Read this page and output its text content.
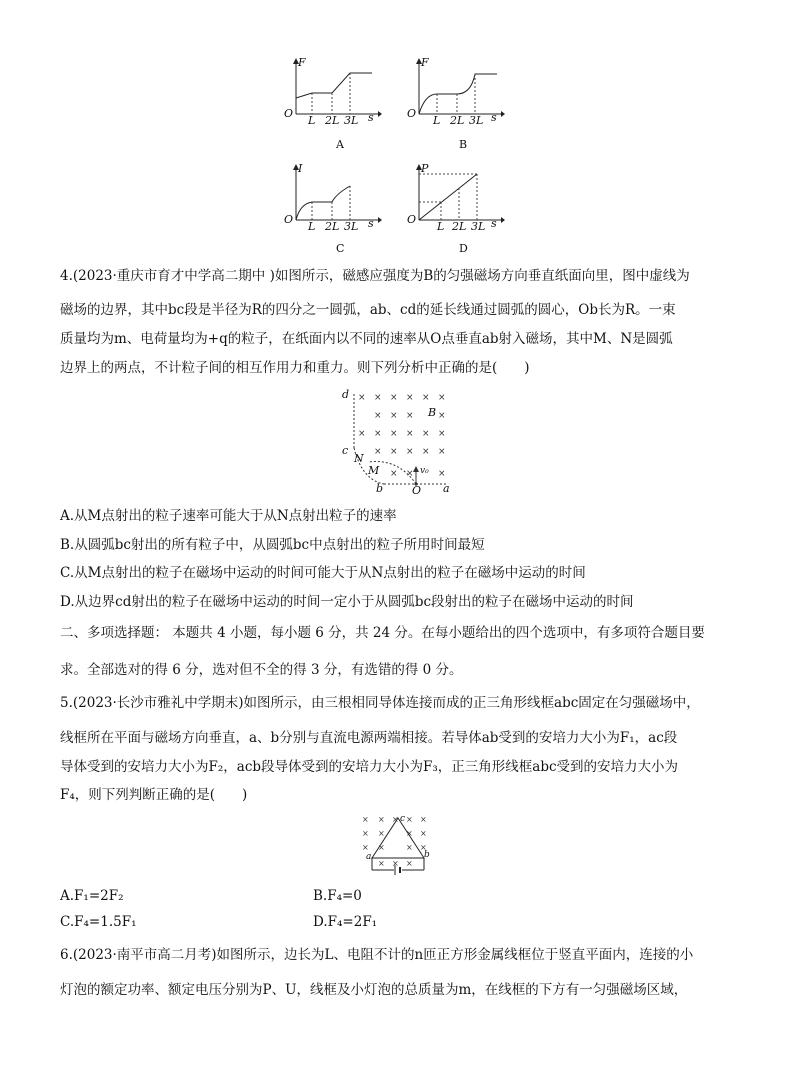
F
O
L 2L 3L s
A
F
O
L 2L 3L s
B
I
O
L 2L 3L s
C
P
O
L 2L 3L s
D
4.(2023·重庆市育才中学高二期中 )如图所示，磁感应强度为B的匀强磁场方向垂直纸面向里，图中虚线为
磁场的边界，其中bc段是半径为R的四分之一圆弧，ab、cd的延长线通过圆弧的圆心，Ob长为R。一束
质量均为m、电荷量均为+q的粒子，在纸面内以不同的速率从O点垂直ab射入磁场，其中M、N是圆弧
边界上的两点，不计粒子间的相互作用力和重力。则下列分析中正确的是(　　)
× × × × × ×
× × ×	×
× × × × × ×
× × × × ×
× ×	×
d
B
c
N
M
b	O a
v₀
A.从M点射出的粒子速率可能大于从N点射出粒子的速率
B.从圆弧bc射出的所有粒子中，从圆弧bc中点射出的粒子所用时间最短
C.从M点射出的粒子在磁场中运动的时间可能大于从N点射出的粒子在磁场中运动的时间
D.从边界cd射出的粒子在磁场中运动的时间一定小于从圆弧bc段射出的粒子在磁场中运动的时间
二、多项选择题： 本题共 4 小题，每小题 6 分，共 24 分。在每小题给出的四个选项中，有多项符合题目要
求。全部选对的得 6 分，选对但不全的得 3 分，有选错的得 0 分。
5.(2023·长沙市雅礼中学期末)如图所示，由三根相同导体连接而成的正三角形线框abc固定在匀强磁场中，
线框所在平面与磁场方向垂直，a、b分别与直流电源两端相接。若导体ab受到的安培力大小为F₁，ac段
导体受到的安培力大小为F₂，acb段导体受到的安培力大小为F₃，正三角形线框abc受到的安培力大小为
F₄，则下列判断正确的是(　　)
× × × × ×
× ×	× ×
× ×	× ×
× × ×
c
a	b
A.F₁=2F₂	B.F₄=0
C.F₄=1.5F₁	D.F₄=2F₁
6.(2023·南平市高二月考)如图所示，边长为L、电阻不计的n匝正方形金属线框位于竖直平面内，连接的小
灯泡的额定功率、额定电压分别为P、U，线框及小灯泡的总质量为m，在线框的下方有一匀强磁场区域，
